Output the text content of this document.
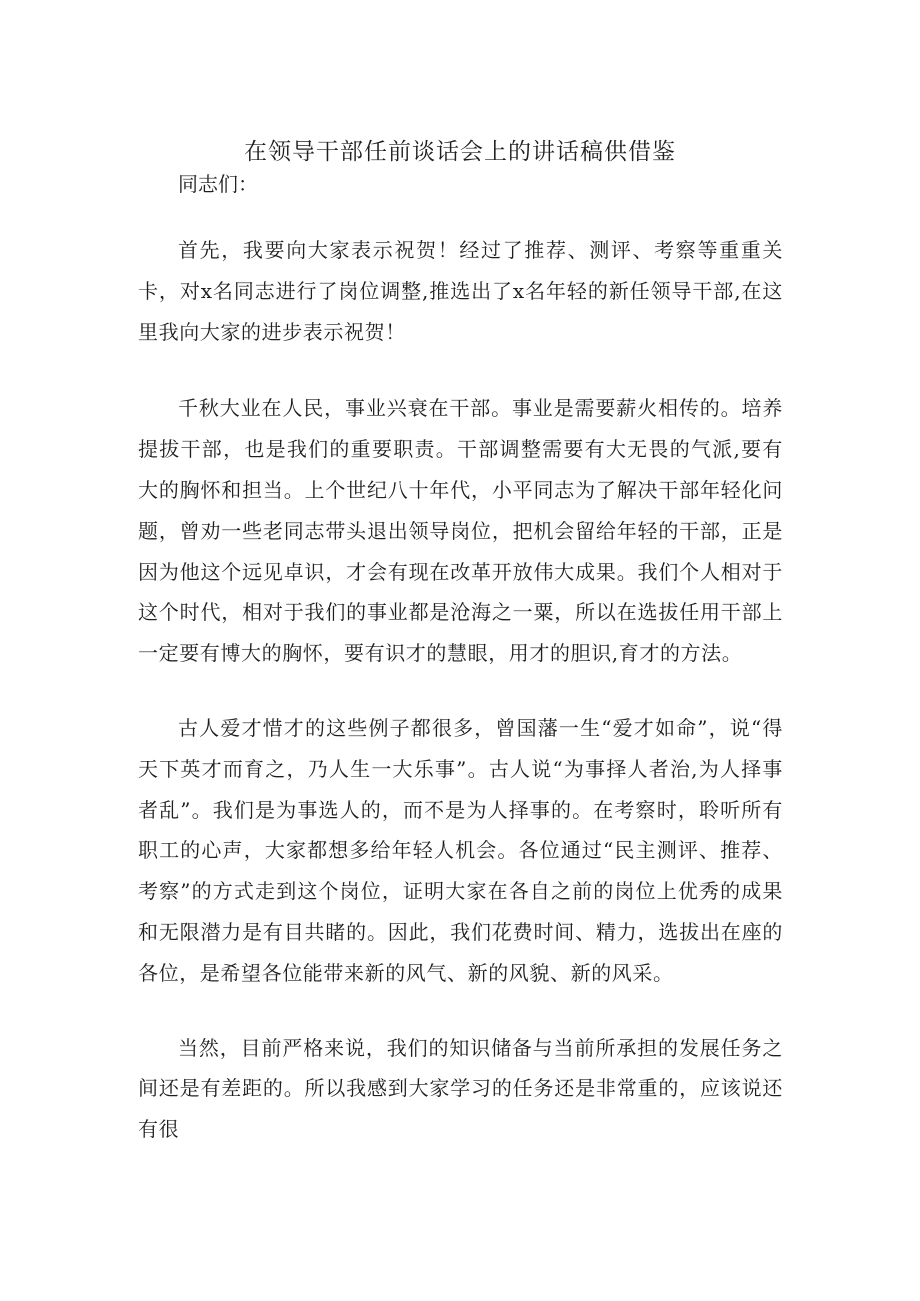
在领导干部任前谈话会上的讲话稿供借鉴

同志们：

首先，我要向大家表示祝贺！经过了推荐、测评、考察等重重关卡，对x名同志进行了岗位调整,推选出了x名年轻的新任领导干部,在这里我向大家的进步表示祝贺！

千秋大业在人民，事业兴衰在干部。事业是需要薪火相传的。培养提拔干部，也是我们的重要职责。干部调整需要有大无畏的气派,要有大的胸怀和担当。上个世纪八十年代，小平同志为了解决干部年轻化问题，曾劝一些老同志带头退出领导岗位，把机会留给年轻的干部，正是因为他这个远见卓识，才会有现在改革开放伟大成果。我们个人相对于这个时代，相对于我们的事业都是沧海之一粟，所以在选拔任用干部上一定要有博大的胸怀，要有识才的慧眼，用才的胆识,育才的方法。

古人爱才惜才的这些例子都很多，曾国藩一生“爱才如命”，说“得天下英才而育之，乃人生一大乐事”。古人说“为事择人者治,为人择事者乱”。我们是为事选人的，而不是为人择事的。在考察时，聆听所有职工的心声，大家都想多给年轻人机会。各位通过“民主测评、推荐、考察”的方式走到这个岗位，证明大家在各自之前的岗位上优秀的成果和无限潜力是有目共睹的。因此，我们花费时间、精力，选拔出在座的各位，是希望各位能带来新的风气、新的风貌、新的风采。

当然，目前严格来说，我们的知识储备与当前所承担的发展任务之间还是有差距的。所以我感到大家学习的任务还是非常重的，应该说还有很
